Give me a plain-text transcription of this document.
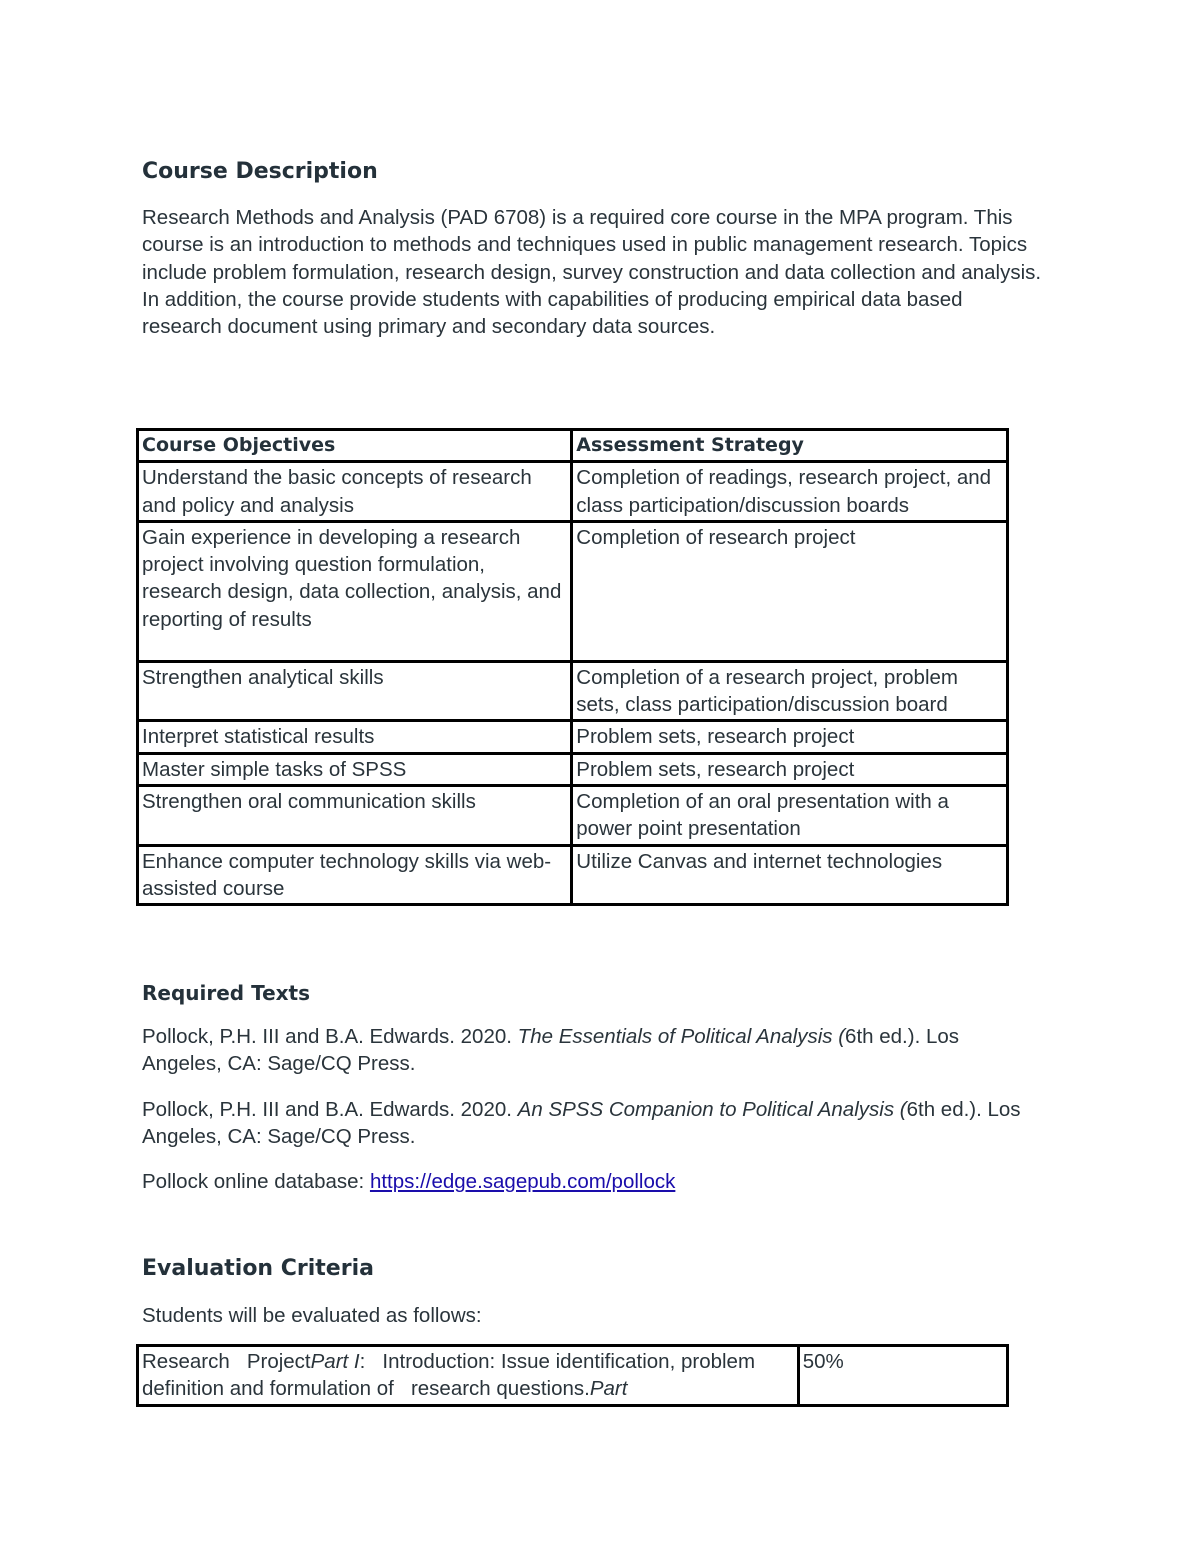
Course Description

Research Methods and Analysis (PAD 6708) is a required core course in the MPA program. This course is an introduction to methods and techniques used in public management research. Topics include problem formulation, research design, survey construction and data collection and analysis. In addition, the course provide students with capabilities of producing empirical data based research document using primary and secondary data sources.

Course Objectives	Assessment Strategy
Understand the basic concepts of research and policy and analysis	Completion of readings, research project, and class participation/discussion boards
Gain experience in developing a research project involving question formulation, research design, data collection, analysis, and reporting of results	Completion of research project
Strengthen analytical skills	Completion of a research project, problem sets, class participation/discussion board
Interpret statistical results	Problem sets, research project
Master simple tasks of SPSS	Problem sets, research project
Strengthen oral communication skills	Completion of an oral presentation with a power point presentation
Enhance computer technology skills via web-assisted course	Utilize Canvas and internet technologies
Required Texts

Pollock, P.H. III and B.A. Edwards. 2020. The Essentials of Political Analysis (6th ed.). Los Angeles, CA: Sage/CQ Press.

Pollock, P.H. III and B.A. Edwards. 2020. An SPSS Companion to Political Analysis (6th ed.). Los Angeles, CA: Sage/CQ Press.

Pollock online database: https://edge.sagepub.com/pollock

Evaluation Criteria

Students will be evaluated as follows:

Research   ProjectPart I:   Introduction: Issue identification, problem definition and formulation of   research questions.Part	50%
